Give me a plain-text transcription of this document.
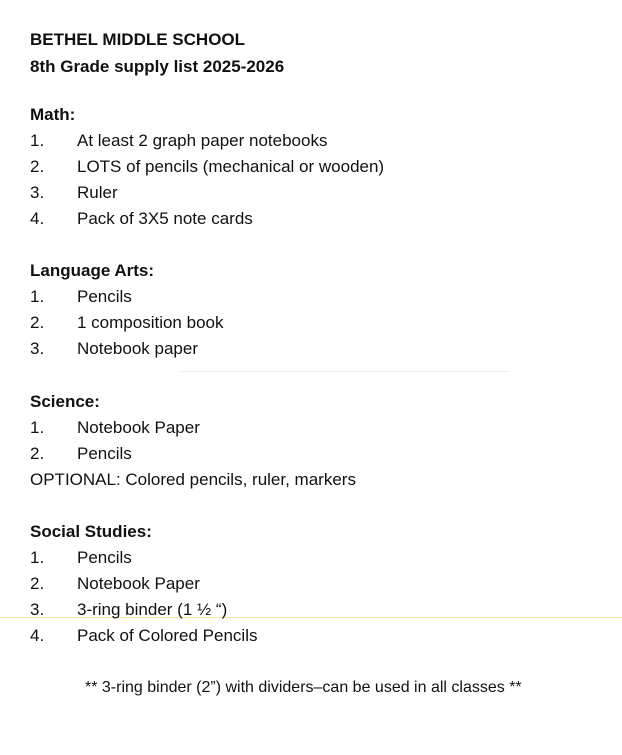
BETHEL MIDDLE SCHOOL
8th Grade supply list 2025-2026
Math:
1. At least 2 graph paper notebooks
2. LOTS of pencils (mechanical or wooden)
3. Ruler
4. Pack of 3X5 note cards
Language Arts:
1. Pencils
2. 1 composition book
3. Notebook paper
Science:
1. Notebook Paper
2. Pencils
OPTIONAL: Colored pencils, ruler, markers
Social Studies:
1. Pencils
2. Notebook Paper
3. 3-ring binder (1 ½ “)
4. Pack of Colored Pencils
** 3-ring binder (2”) with dividers–can be used in all classes **
